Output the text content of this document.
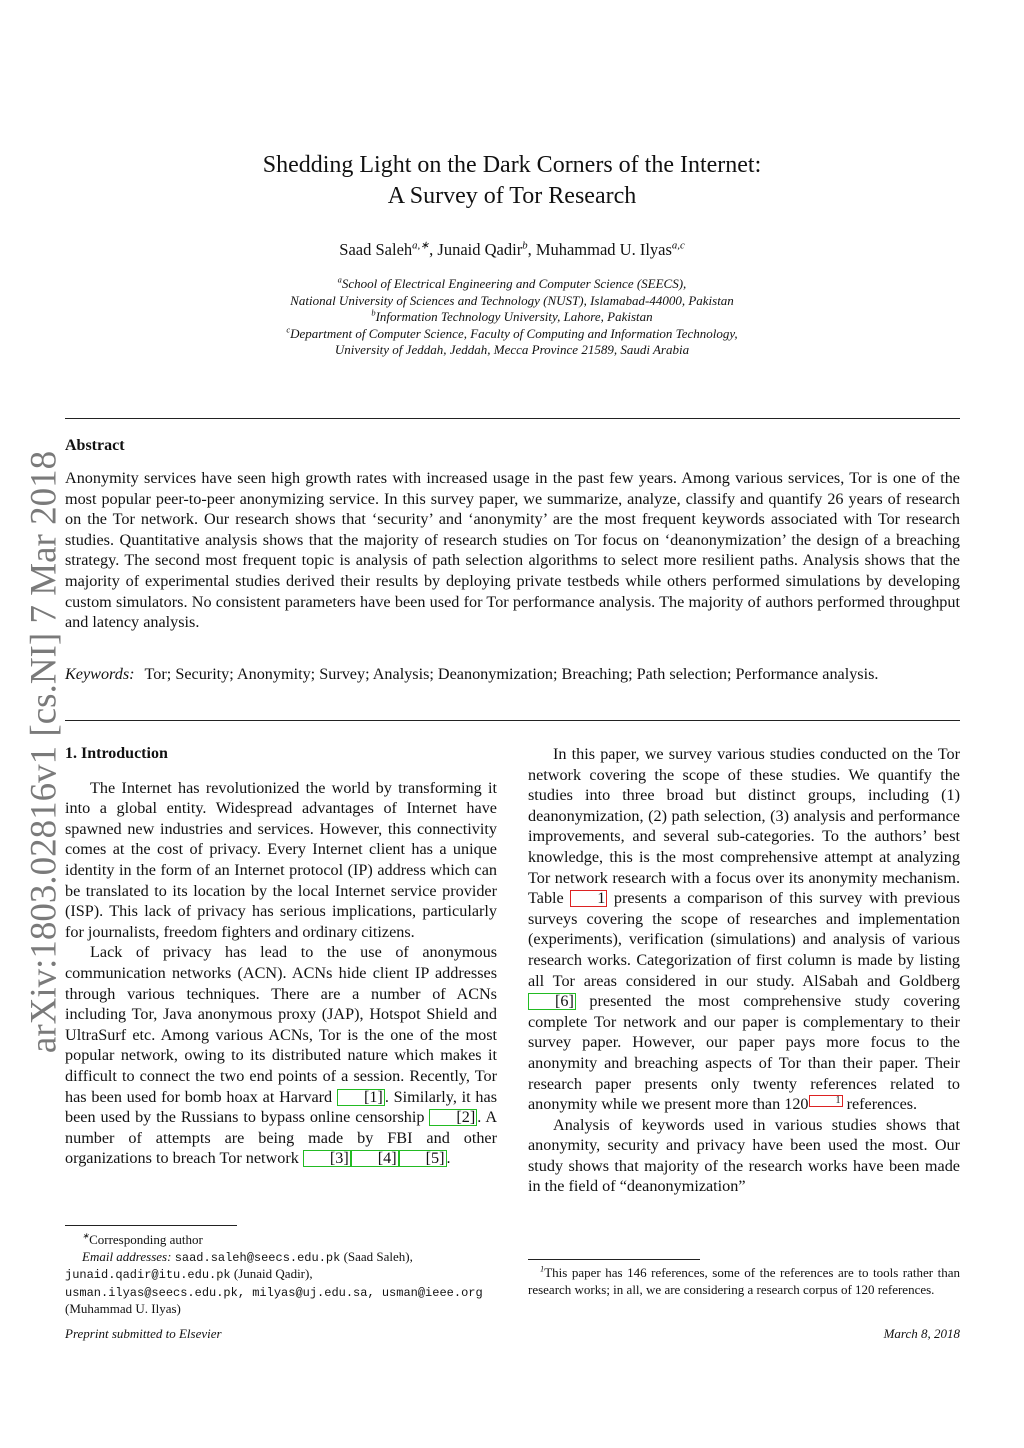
arXiv:1803.02816v1 [cs.NI] 7 Mar 2018
Shedding Light on the Dark Corners of the Internet:
A Survey of Tor Research
Saad Saleh$^{a,∗}$, Junaid Qadir$^b$, Muhammad U. Ilyas$^{a,c}$
$^a$School of Electrical Engineering and Computer Science (SEECS),
National University of Sciences and Technology (NUST), Islamabad-44000, Pakistan
$^b$Information Technology University, Lahore, Pakistan
$^c$Department of Computer Science, Faculty of Computing and Information Technology,
University of Jeddah, Jeddah, Mecca Province 21589, Saudi Arabia
Abstract
Anonymity services have seen high growth rates with increased usage in the past few years. Among various services, Tor is one of the most popular peer-to-peer anonymizing service. In this survey paper, we summarize, analyze, classify and quantify 26 years of research on the Tor network. Our research shows that ‘security’ and ‘anonymity’ are the most frequent keywords associated with Tor research studies. Quantitative analysis shows that the majority of research studies on Tor focus on ‘deanonymization’ the design of a breaching strategy. The second most frequent topic is analysis of path selection algorithms to select more resilient paths. Analysis shows that the majority of experimental studies derived their results by deploying private testbeds while others performed simulations by developing custom simulators. No consistent parameters have been used for Tor performance analysis. The majority of authors performed throughput and latency analysis.
Keywords: Tor; Security; Anonymity; Survey; Analysis; Deanonymization; Breaching; Path selection; Performance analysis.
1. Introduction

The Internet has revolutionized the world by transforming it into a global entity. Widespread advantages of Internet have spawned new industries and services. However, this connectivity comes at the cost of privacy. Every Internet client has a unique identity in the form of an Internet protocol (IP) address which can be translated to its location by the local Internet service provider (ISP). This lack of privacy has serious implications, particularly for journalists, freedom fighters and ordinary citizens.

Lack of privacy has lead to the use of anonymous communication networks (ACN). ACNs hide client IP addresses through various techniques. There are a number of ACNs including Tor, Java anonymous proxy (JAP), Hotspot Shield and UltraSurf etc. Among various ACNs, Tor is the one of the most popular network, owing to its distributed nature which makes it difficult to connect the two end points of a session. Recently, Tor has been used for bomb hoax at Harvard [1] . Similarly, it has been used by the Russians to bypass online censorship [2] . A number of attempts are being made by FBI and other organizations to breach Tor network [3] [4] [5] .

∗Corresponding author
Email addresses: saad.saleh@seecs.edu.pk (Saad Saleh),
junaid.qadir@itu.edu.pk (Junaid Qadir),
usman.ilyas@seecs.edu.pk, milyas@uj.edu.sa, usman@ieee.org
(Muhammad U. Ilyas)

In this paper, we survey various studies conducted on the Tor network covering the scope of these studies. We quantify the studies into three broad but distinct groups, including (1) deanonymization, (2) path selection, (3) analysis and performance improvements, and several sub-categories. To the authors’ best knowledge, this is the most comprehensive attempt at analyzing Tor network research with a focus over its anonymity mechanism. Table 1 presents a comparison of this survey with previous surveys covering the scope of researches and implementation (experiments), verification (simulations) and analysis of various research works. Categorization of first column is made by listing all Tor areas considered in our study. AlSabah and Goldberg [6] presented the most comprehensive study covering complete Tor network and our paper is complementary to their survey paper. However, our paper pays more focus to the anonymity and breaching aspects of Tor than their paper. Their research paper presents only twenty references related to anonymity while we present more than 120	1 references.

Analysis of keywords used in various studies shows that anonymity, security and privacy have been used the most. Our study shows that majority of the research works have been made in the field of “deanonymization”

$^1$This paper has 146 references, some of the references are to tools rather than research works; in all, we are considering a research corpus of 120 references.
Preprint submitted to Elsevier	March 8, 2018
